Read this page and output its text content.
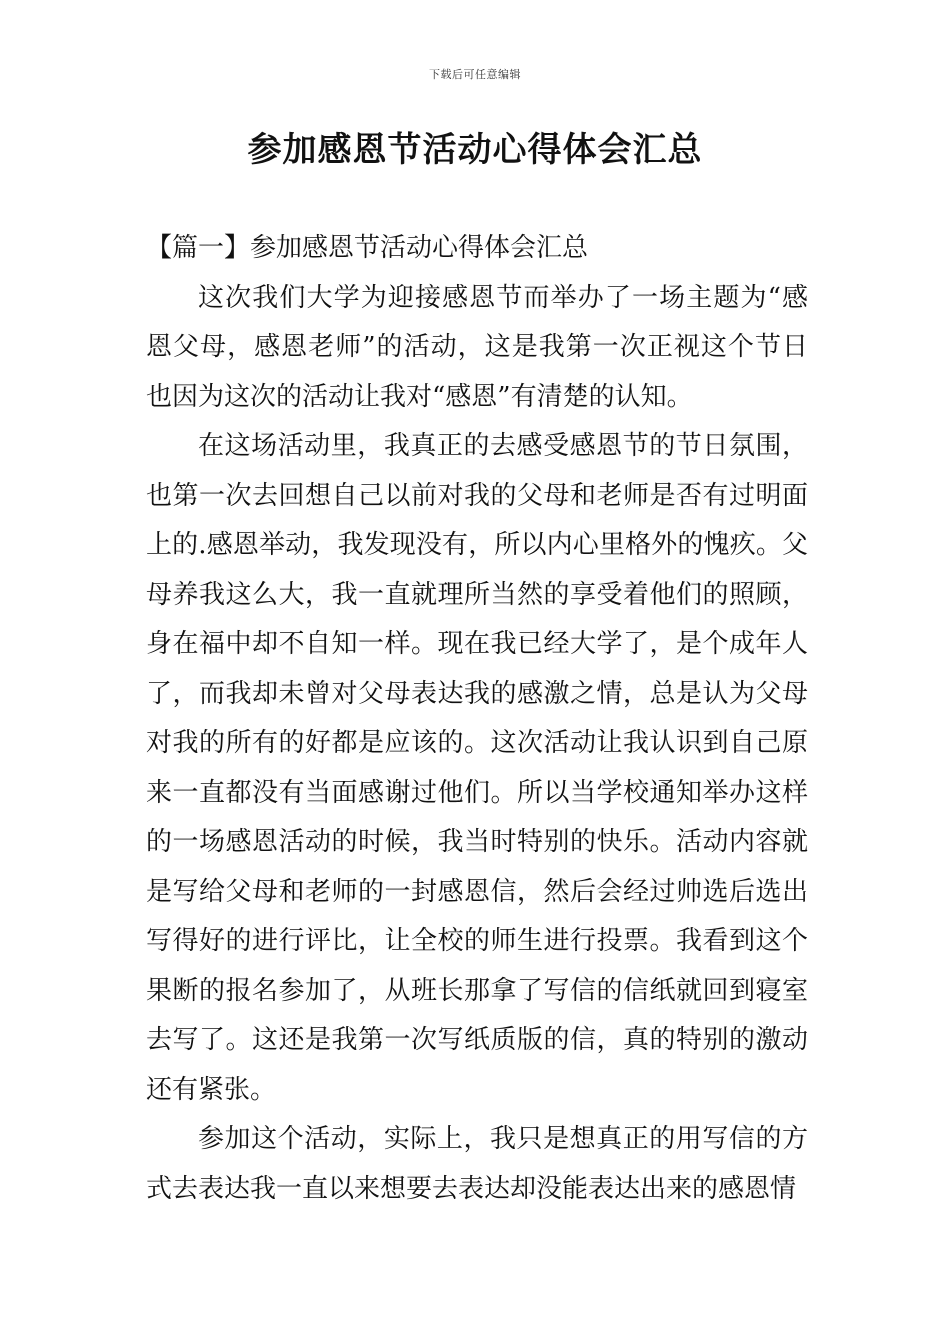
下载后可任意编辑
参加感恩节活动心得体会汇总

【篇一】参加感恩节活动心得体会汇总

这次我们大学为迎接感恩节而举办了一场主题为“感恩父母，感恩老师”的活动，这是我第一次正视这个节日也因为这次的活动让我对“感恩”有清楚的认知。

在这场活动里，我真正的去感受感恩节的节日氛围，也第一次去回想自己以前对我的父母和老师是否有过明面上的.感恩举动，我发现没有，所以内心里格外的愧疚。父母养我这么大，我一直就理所当然的享受着他们的照顾，身在福中却不自知一样。现在我已经大学了，是个成年人了，而我却未曾对父母表达我的感激之情，总是认为父母对我的所有的好都是应该的。这次活动让我认识到自己原来一直都没有当面感谢过他们。所以当学校通知举办这样的一场感恩活动的时候，我当时特别的快乐。活动内容就是写给父母和老师的一封感恩信，然后会经过帅选后选出写得好的进行评比，让全校的师生进行投票。我看到这个果断的报名参加了，从班长那拿了写信的信纸就回到寝室去写了。这还是我第一次写纸质版的信，真的特别的激动还有紧张。

参加这个活动，实际上，我只是想真正的用写信的方式去表达我一直以来想要去表达却没能表达出来的感恩情
